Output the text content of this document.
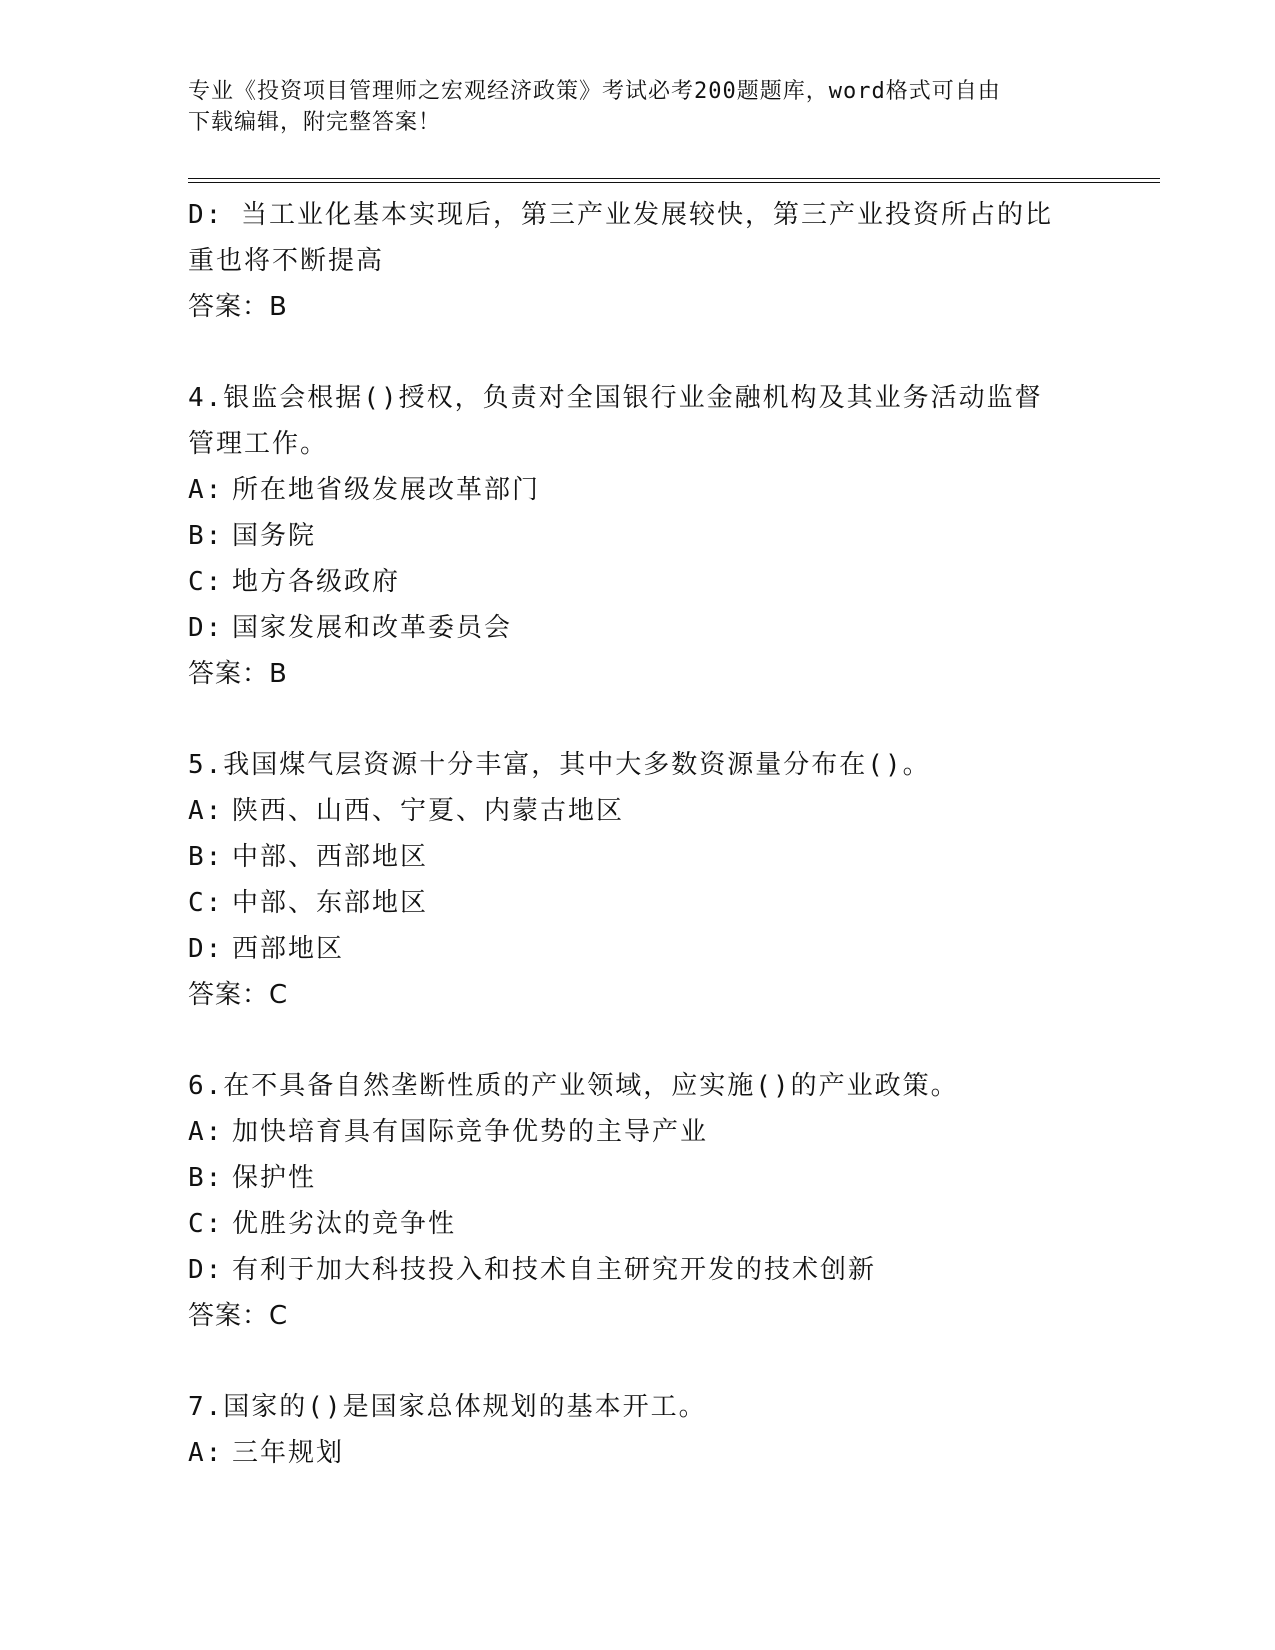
专业《投资项目管理师之宏观经济政策》考试必考200题题库，word格式可自由
下载编辑，附完整答案！
D: 当工业化基本实现后，第三产业发展较快，第三产业投资所占的比
重也将不断提高
答案：B
4.银监会根据()授权，负责对全国银行业金融机构及其业务活动监督
管理工作。
A: 所在地省级发展改革部门
B: 国务院
C: 地方各级政府
D: 国家发展和改革委员会
答案：B
5.我国煤气层资源十分丰富，其中大多数资源量分布在()。
A: 陕西、山西、宁夏、内蒙古地区
B: 中部、西部地区
C: 中部、东部地区
D: 西部地区
答案：C
6.在不具备自然垄断性质的产业领域，应实施()的产业政策。
A: 加快培育具有国际竞争优势的主导产业
B: 保护性
C: 优胜劣汰的竞争性
D: 有利于加大科技投入和技术自主研究开发的技术创新
答案：C
7.国家的()是国家总体规划的基本开工。
A: 三年规划
